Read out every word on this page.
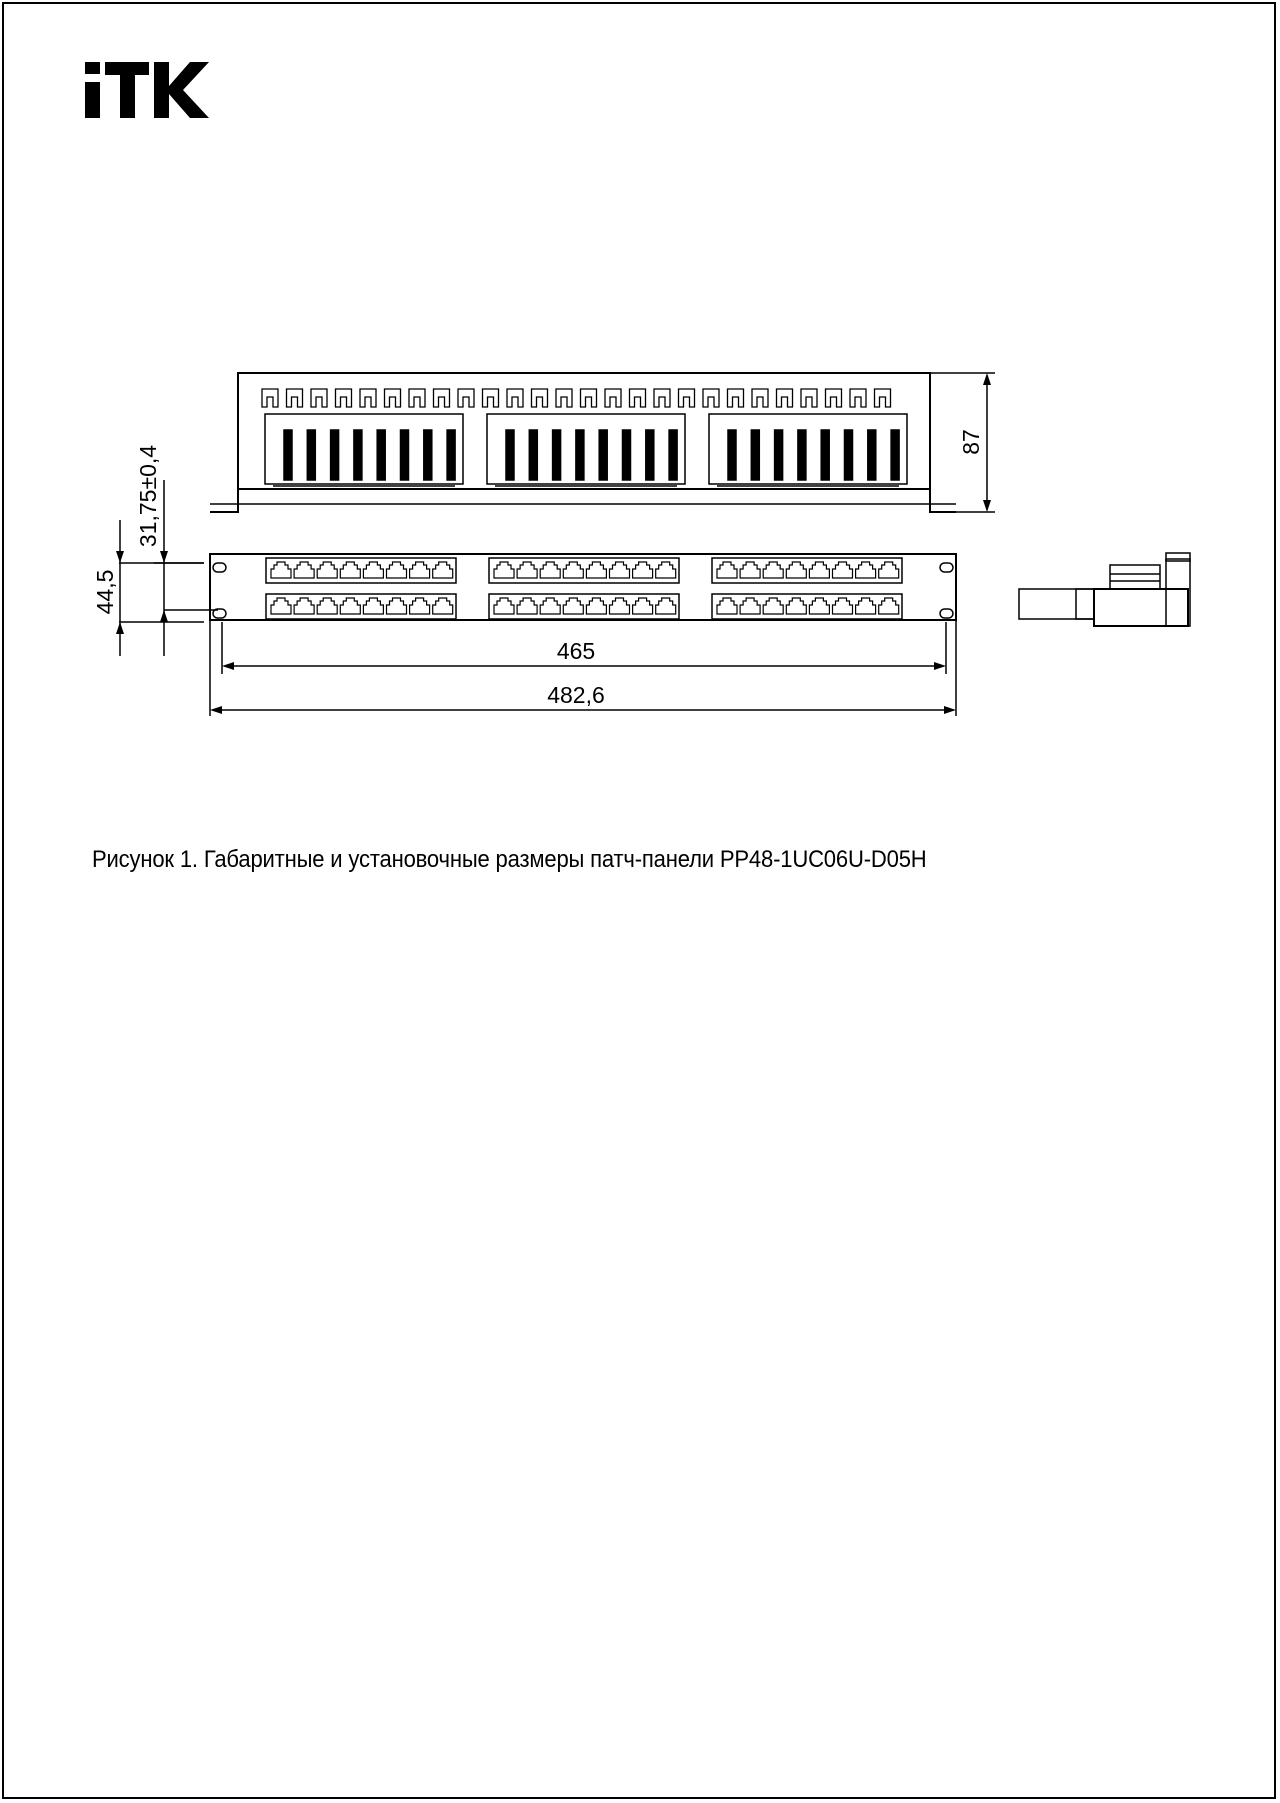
87
44,5
31,75±0,4
465
482,6
Рисунок 1. Габаритные и установочные размеры патч-панели PP48-1UC06U-D05H
